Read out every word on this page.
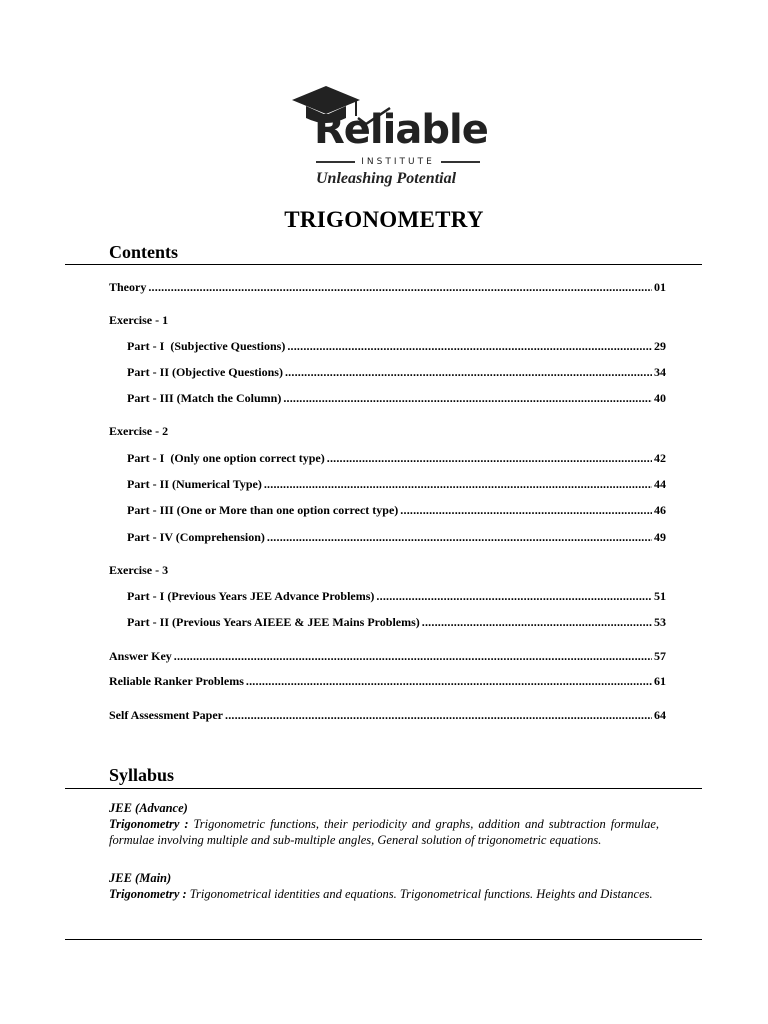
Reliable
INSTITUTE
Unleashing Potential
TRIGONOMETRY
Contents
Theory .....	01
Exercise - 1
Part - I  (Subjective Questions) .....	29
Part - II (Objective Questions) .....	34
Part - III (Match the Column) .....	40
Exercise - 2
Part - I  (Only one option correct type) .....	42
Part - II (Numerical Type) .....	44
Part - III (One or More than one option correct type) .....	46
Part - IV (Comprehension) .....	49
Exercise - 3
Part - I (Previous Years JEE Advance Problems) .....	51
Part - II (Previous Years AIEEE & JEE Mains Problems) .....	53
Answer Key .....	57
Reliable Ranker Problems .....	61
Self Assessment Paper .....	64
Syllabus
JEE (Advance)
Trigonometry : Trigonometric functions, their periodicity and graphs, addition and subtraction formulae, formulae involving multiple and sub-multiple angles, General solution of trigonometric equations.
JEE (Main)
Trigonometry : Trigonometrical identities and equations. Trigonometrical functions. Heights and Distances.
